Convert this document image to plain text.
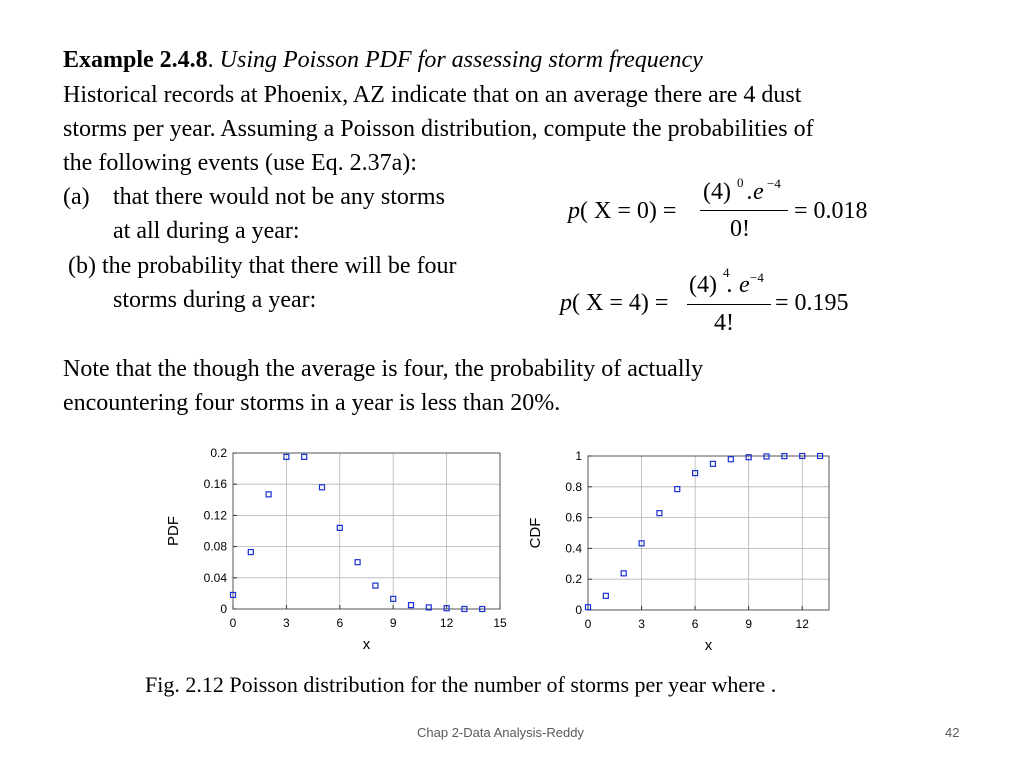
Example 2.4.8. Using Poisson PDF for assessing storm frequency
Historical records at Phoenix, AZ indicate that on an average there are 4 dust
storms per year. Assuming a Poisson distribution, compute the probabilities of
the following events (use Eq. 2.37a):
(a) that there would not be any storms
at all during a year:
(b) the probability that there will be four
storms during a year:
p( X = 0) =
(4) .e
0 −4
0!
= 0.018
p( X = 4) =
(4) . e
4 −4
4!
= 0.195
Note that the though the average is four, the probability of actually
encountering four storms in a year is less than 20%.
0	3	6	9	12	15
0
0.04
0.08
0.12
0.16
0.2
x
PDF
0	3	6	9	12
0
0.2
0.4
0.6
0.8
1
x
CDF
Fig. 2.12 Poisson distribution for the number of storms per year where .
Chap 2-Data Analysis-Reddy	42
